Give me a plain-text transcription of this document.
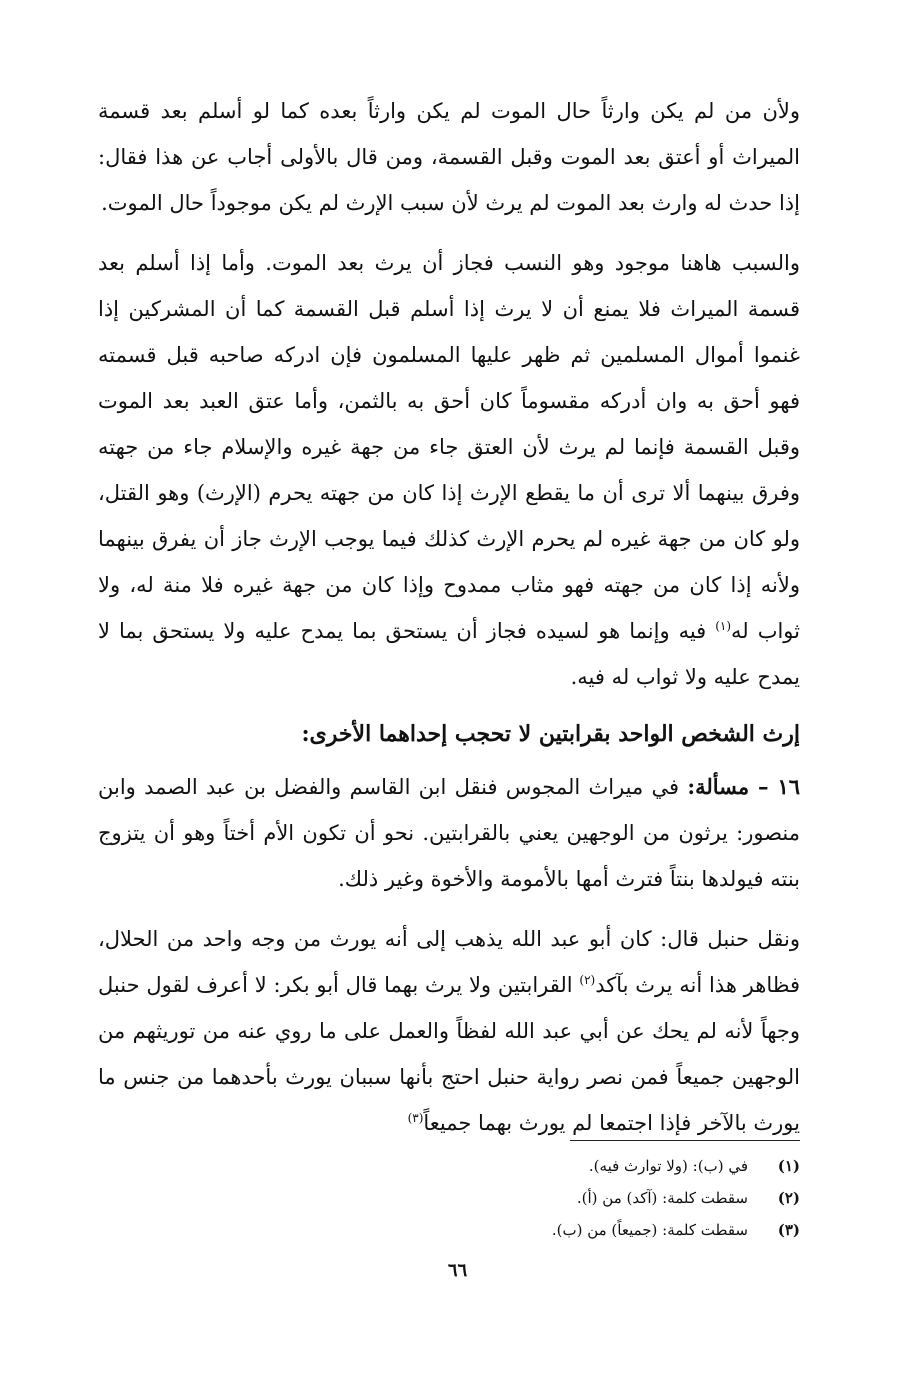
ولأن من لم يكن وارثاً حال الموت لم يكن وارثاً بعده كما لو أسلم بعد قسمة الميراث أو أعتق بعد الموت وقبل القسمة، ومن قال بالأولى أجاب عن هذا فقال: إذا حدث له وارث بعد الموت لم يرث لأن سبب الإرث لم يكن موجوداً حال الموت.

والسبب هاهنا موجود وهو النسب فجاز أن يرث بعد الموت. وأما إذا أسلم بعد قسمة الميراث فلا يمنع أن لا يرث إذا أسلم قبل القسمة كما أن المشركين إذا غنموا أموال المسلمين ثم ظهر عليها المسلمون فإن ادركه صاحبه قبل قسمته فهو أحق به وان أدركه مقسوماً كان أحق به بالثمن، وأما عتق العبد بعد الموت وقبل القسمة فإنما لم يرث لأن العتق جاء من جهة غيره والإسلام جاء من جهته وفرق بينهما ألا ترى أن ما يقطع الإرث إذا كان من جهته يحرم (الإرث) وهو القتل، ولو كان من جهة غيره لم يحرم الإرث كذلك فيما يوجب الإرث جاز أن يفرق بينهما ولأنه إذا كان من جهته فهو مثاب ممدوح وإذا كان من جهة غيره فلا منة له، ولا ثواب له$^{(١)}$ فيه وإنما هو لسيده فجاز أن يستحق بما يمدح عليه ولا يستحق بما لا يمدح عليه ولا ثواب له فيه.

إرث الشخص الواحد بقرابتين لا تحجب إحداهما الأخرى:

١٦ – مسألة: في ميراث المجوس فنقل ابن القاسم والفضل بن عبد الصمد وابن منصور: يرثون من الوجهين يعني بالقرابتين. نحو أن تكون الأم أختاً وهو أن يتزوج بنته فيولدها بنتاً فترث أمها بالأمومة والأخوة وغير ذلك.

ونقل حنبل قال: كان أبو عبد الله يذهب إلى أنه يورث من وجه واحد من الحلال، فظاهر هذا أنه يرث بآكد$^{(٢)}$ القرابتين ولا يرث بهما قال أبو بكر: لا أعرف لقول حنبل وجهاً لأنه لم يحك عن أبي عبد الله لفظاً والعمل على ما روي عنه من توريثهم من الوجهين جميعاً فمن نصر رواية حنبل احتج بأنها سببان يورث بأحدهما من جنس ما يورث بالآخر فإذا اجتمعا لم يورث بهما جميعاً$^{(٣)}$

(١)
في (ب): (ولا توارث فيه).
(٢)
سقطت كلمة: (آكد) من (أ).
(٣)
سقطت كلمة: (جميعاً) من (ب).
٦٦
